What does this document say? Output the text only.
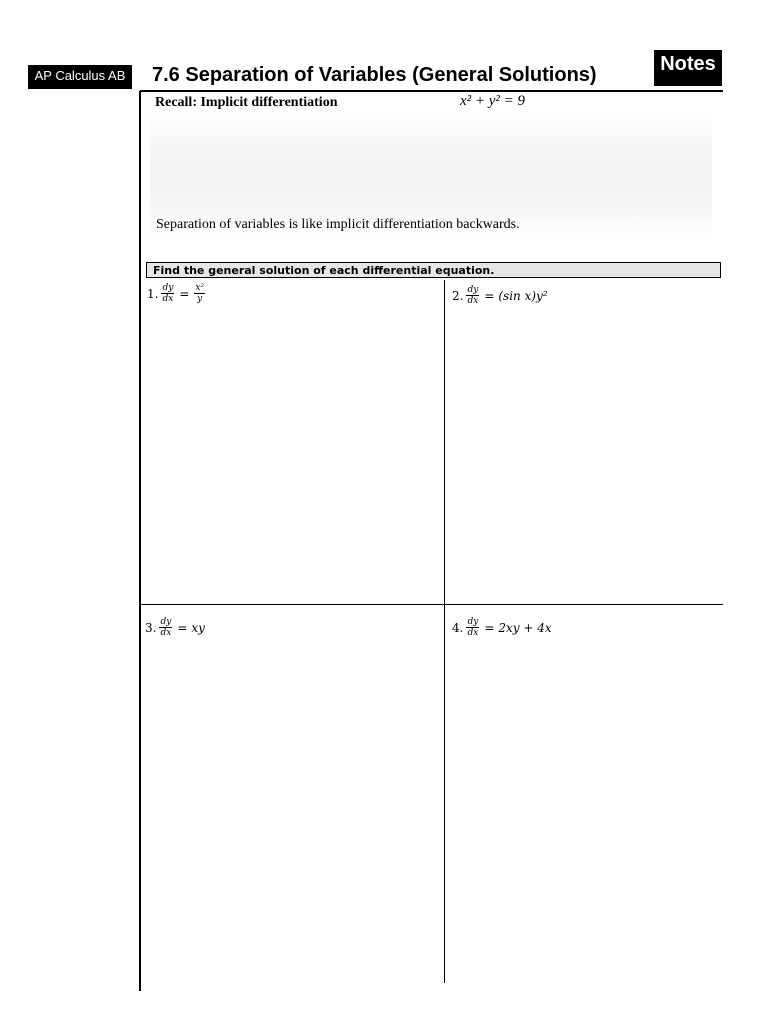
AP Calculus AB	7.6 Separation of Variables (General Solutions)	Notes
Recall: Implicit differentiation	x² + y² = 9
Separation of variables is like implicit differentiation backwards.
Find the general solution of each differential equation.
1. $\frac{dy}{dx} = \frac{\text{x²}}{y}$	2. $\frac{dy}{dx} = (\sin$ x)y²
3. $\frac{dy}{dx}$ = xy	4. $\frac{dy}{dx} = 2xy + 4x$
